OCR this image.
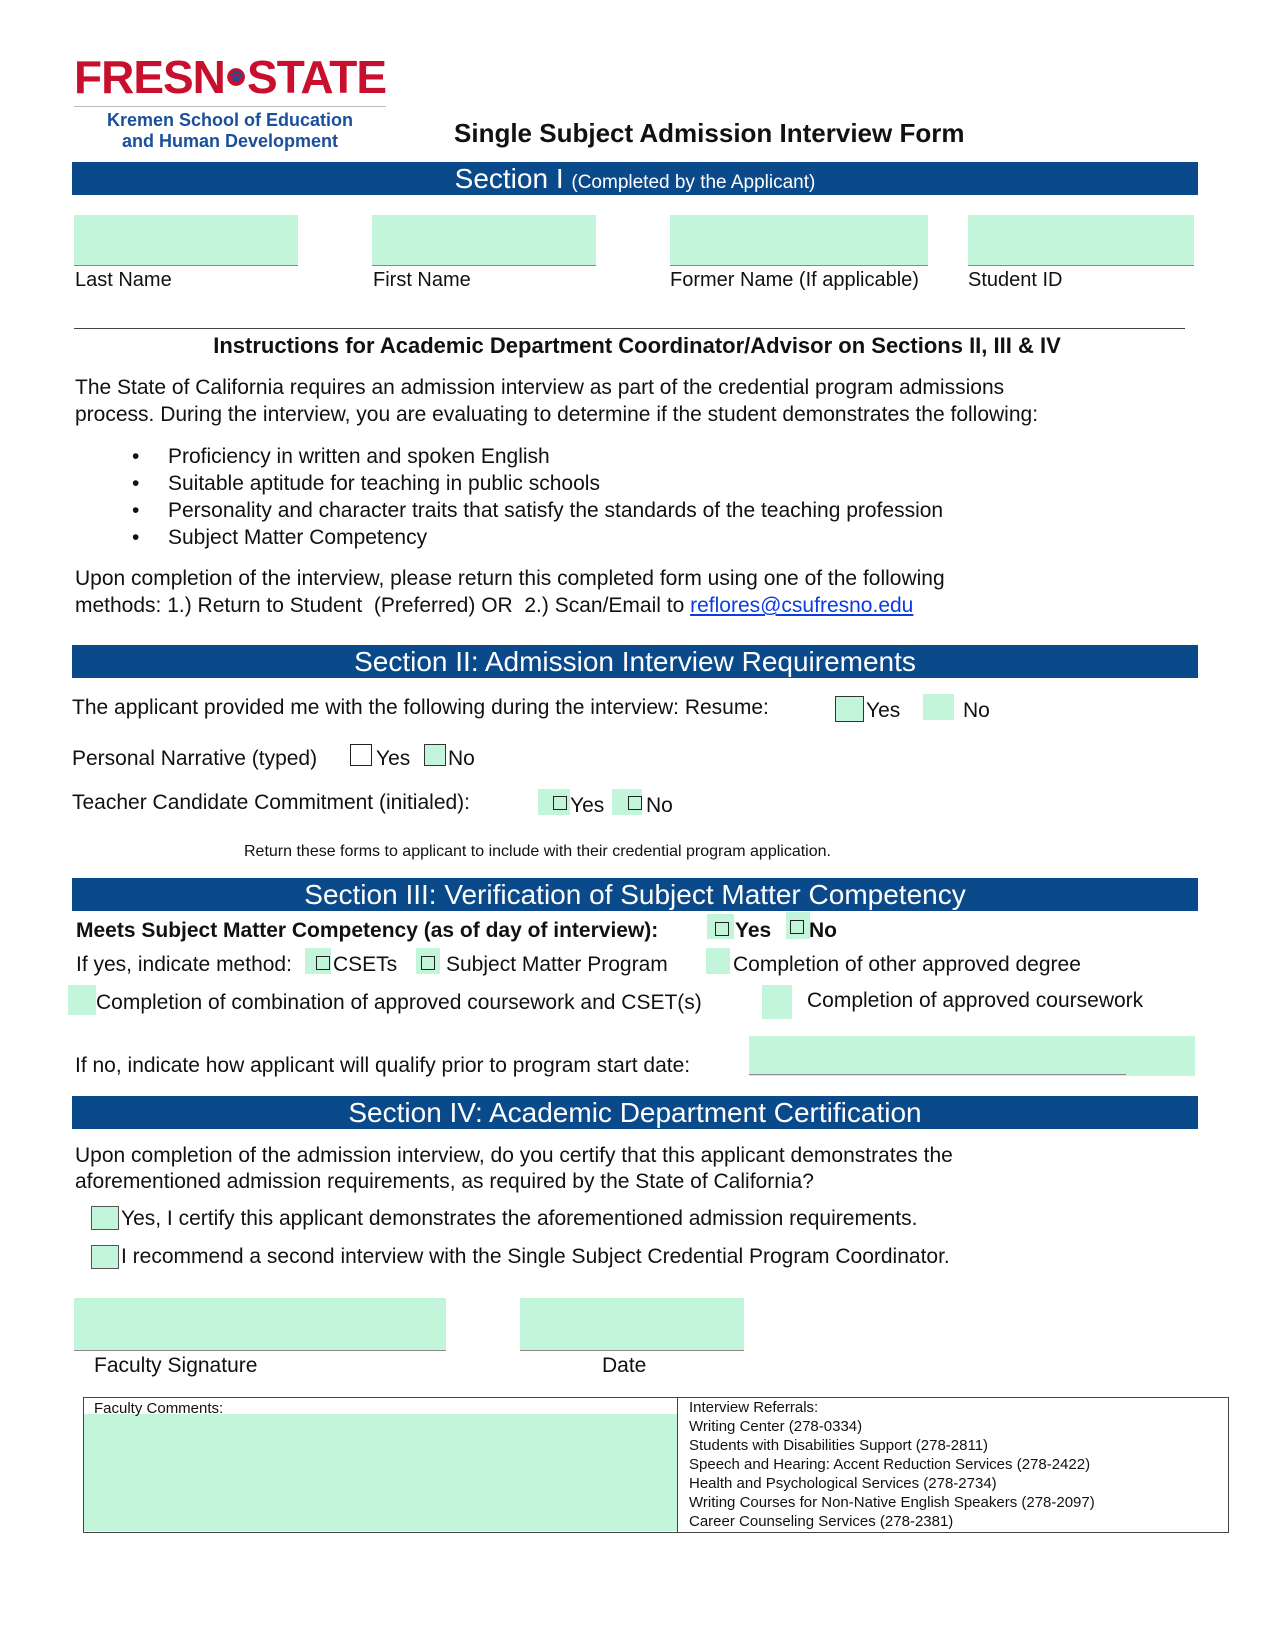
FRESN STATE
Kremen School of Education
and Human Development	Single Subject Admission Interview Form
Section I (Completed by the Applicant)
Last Name	First Name	Former Name (If applicable) Student ID
Instructions for Academic Department Coordinator/Advisor on Sections II, III & IV
The State of California requires an admission interview as part of the credential program admissions
process. During the interview, you are evaluating to determine if the student demonstrates the following:
• Proficiency in written and spoken English
• Suitable aptitude for teaching in public schools
• Personality and character traits that satisfy the standards of the teaching profession
• Subject Matter Competency
Upon completion of the interview, please return this completed form using one of the following
methods: 1.) Return to Student  (Preferred) OR  2.) Scan/Email to reflores@csufresno.edu
Section II: Admission Interview Requirements
The applicant provided me with the following during the interview: Resume:	Yes	No
Personal Narrative (typed)	Yes No
Teacher Candidate Commitment (initialed):	Yes No
Return these forms to applicant to include with their credential program application.
Section III: Verification of Subject Matter Competency
Meets Subject Matter Competency (as of day of interview):	Yes No
If yes, indicate method: CSETs Subject Matter Program	Completion of other approved degree
Completion of combination of approved coursework and CSET(s)	Completion of approved coursework
If no, indicate how applicant will qualify prior to program start date:
Section IV: Academic Department Certification
Upon completion of the admission interview, do you certify that this applicant demonstrates the
aforementioned admission requirements, as required by the State of California?
Yes, I certify this applicant demonstrates the aforementioned admission requirements.
I recommend a second interview with the Single Subject Credential Program Coordinator.
Faculty Signature	Date
Faculty Comments:	Interview Referrals:
Writing Center (278-0334)
Students with Disabilities Support (278-2811)
Speech and Hearing: Accent Reduction Services (278-2422)
Health and Psychological Services (278-2734)
Writing Courses for Non-Native English Speakers (278-2097)
Career Counseling Services (278-2381)
